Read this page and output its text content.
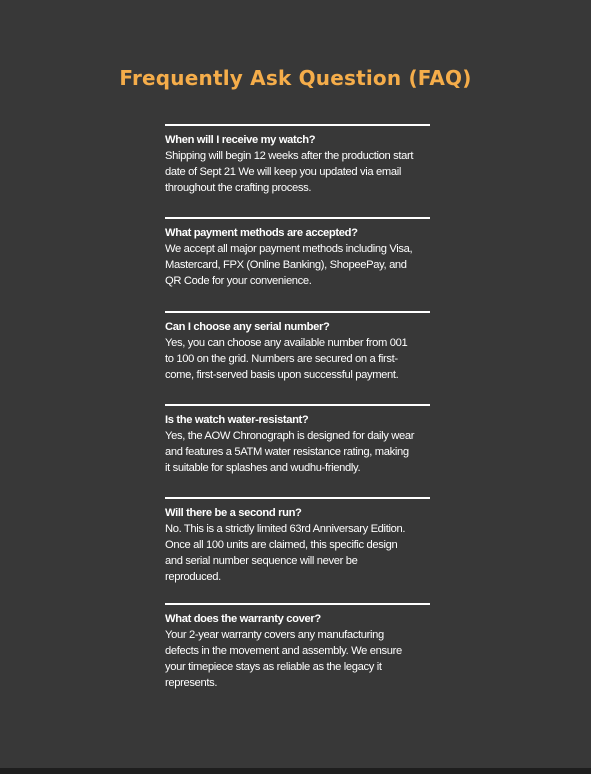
Frequently Ask Question (FAQ)

When will I receive my watch?

Shipping will begin 12 weeks after the production start

date of Sept 21 We will keep you updated via email

throughout the crafting process.

What payment methods are accepted?

We accept all major payment methods including Visa,

Mastercard, FPX (Online Banking), ShopeePay, and

QR Code for your convenience.

Can I choose any serial number?

Yes, you can choose any available number from 001

to 100 on the grid. Numbers are secured on a first-

come, first-served basis upon successful payment.

Is the watch water-resistant?

Yes, the AOW Chronograph is designed for daily wear

and features a 5ATM water resistance rating, making

it suitable for splashes and wudhu-friendly.

Will there be a second run?

No. This is a strictly limited 63rd Anniversary Edition.

Once all 100 units are claimed, this specific design

and serial number sequence will never be

reproduced.

What does the warranty cover?

Your 2-year warranty covers any manufacturing

defects in the movement and assembly. We ensure

your timepiece stays as reliable as the legacy it

represents.
